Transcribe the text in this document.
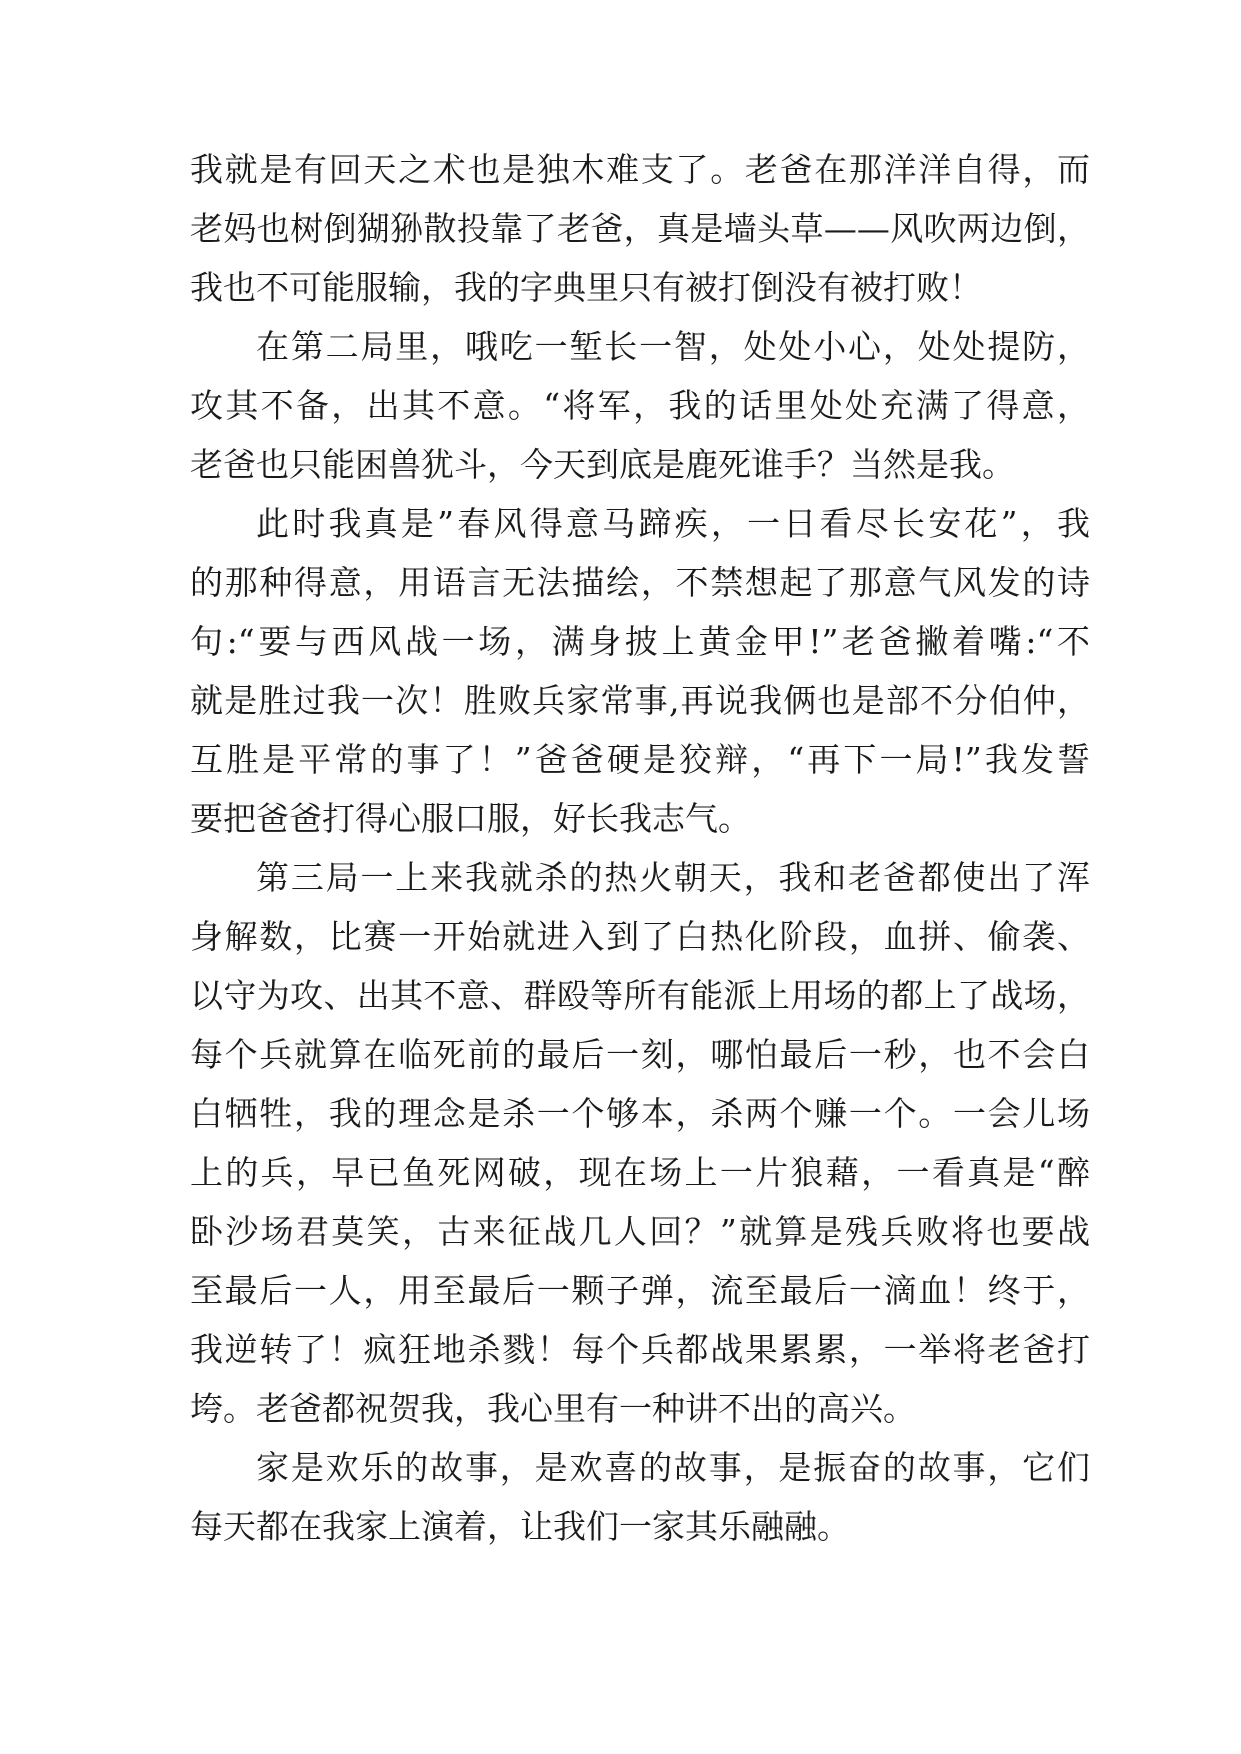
我就是有回天之术也是独木难支了。老爸在那洋洋自得，而
老妈也树倒猢狲散投靠了老爸，真是墙头草——风吹两边倒，
我也不可能服输，我的字典里只有被打倒没有被打败！
在第二局里，哦吃一堑长一智，处处小心，处处提防，
攻其不备，出其不意。“将军，我的话里处处充满了得意，
老爸也只能困兽犹斗，今天到底是鹿死谁手？当然是我。
此时我真是”春风得意马蹄疾，一日看尽长安花”，我
的那种得意，用语言无法描绘，不禁想起了那意气风发的诗
句:“要与西风战一场，满身披上黄金甲!”老爸撇着嘴:“不
就是胜过我一次！胜败兵家常事,再说我俩也是部不分伯仲，
互胜是平常的事了！”爸爸硬是狡辩，“再下一局!”我发誓
要把爸爸打得心服口服，好长我志气。
第三局一上来我就杀的热火朝天，我和老爸都使出了浑
身解数，比赛一开始就进入到了白热化阶段，血拼、偷袭、
以守为攻、出其不意、群殴等所有能派上用场的都上了战场，
每个兵就算在临死前的最后一刻，哪怕最后一秒，也不会白
白牺牲，我的理念是杀一个够本，杀两个赚一个。一会儿场
上的兵，早已鱼死网破，现在场上一片狼藉，一看真是“醉
卧沙场君莫笑，古来征战几人回？”就算是残兵败将也要战
至最后一人，用至最后一颗子弹，流至最后一滴血！终于，
我逆转了！疯狂地杀戮！每个兵都战果累累，一举将老爸打
垮。老爸都祝贺我，我心里有一种讲不出的高兴。
家是欢乐的故事，是欢喜的故事，是振奋的故事，它们
每天都在我家上演着，让我们一家其乐融融。
